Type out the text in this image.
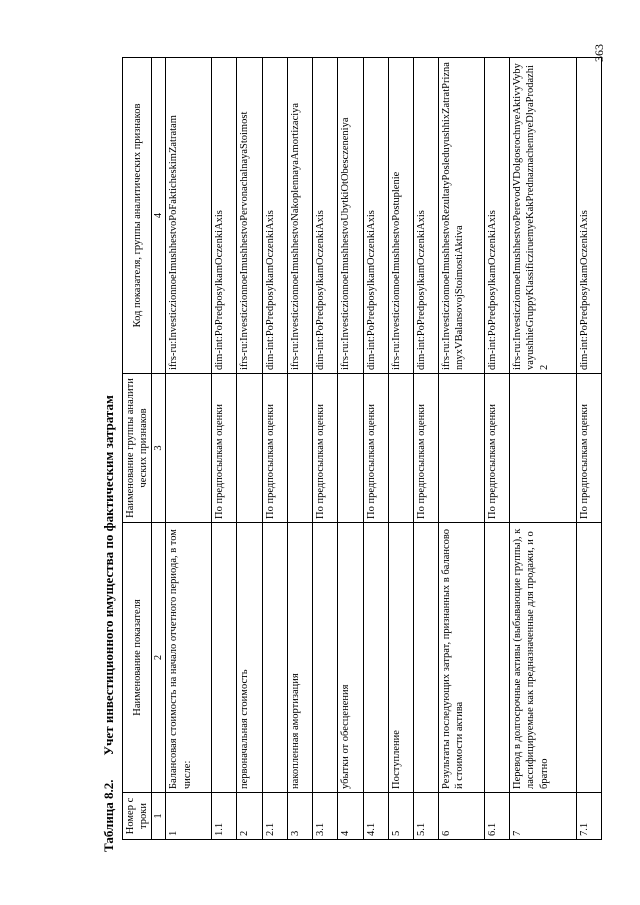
363
Таблица 8.2.
Учет инвестиционного имущества по фактическим затратам
Номер строки	Наименование показателя	Наименование группы аналитических признаков	Код показателя, группы аналитических признаков
1	2	3	4
1	Балансовая стоимость на начало отчетного периода, в том числе:		ifrs-ru:InvesticzionnoeImushhestvoPoFakticheskimZatratam
1.1		По предпосылкам оценки	dim-int:PoPredposylkamOczenkiAxis
2	первоначальная стоимость		ifrs-ru:InvesticzionnoeImushhestvoPervonachalnayaStoimost
2.1		По предпосылкам оценки	dim-int:PoPredposylkamOczenkiAxis
3	накопленная амортизация		ifrs-ru:InvesticzionnoeImushhestvoNakoplennayaAmortizaciya
3.1		По предпосылкам оценки	dim-int:PoPredposylkamOczenkiAxis
4	убытки от обесценения		ifrs-ru:InvesticzionnoeImushhestvoUbytkiOtObesczeneniya
4.1		По предпосылкам оценки	dim-int:PoPredposylkamOczenkiAxis
5	Поступление		ifrs-ru:InvesticzionnoeImushhestvoPostuplenie
5.1		По предпосылкам оценки	dim-int:PoPredposylkamOczenkiAxis
6	Результаты последующих затрат, признанных в балансовой стоимости актива		ifrs-ru:InvesticzionnoeImushhestvoRezultatyPosleduyushhixZatratPriznannyxVBalansovojStoimostiAktiva
6.1		По предпосылкам оценки	dim-int:PoPredposylkamOczenkiAxis
7	Перевод в долгосрочные активы (выбывающие группы), классифицируемые как предназначенные для продажи, и обратно		ifrs-ru:InvesticzionnoeImushhestvoPerevodVDolgosrochnyeAktivyVybyvayushhieGruppyKlassificziruemyeKakPrednaznachennyeDlyaProdazhi2
7.1		По предпосылкам оценки	dim-int:PoPredposylkamOczenkiAxis
